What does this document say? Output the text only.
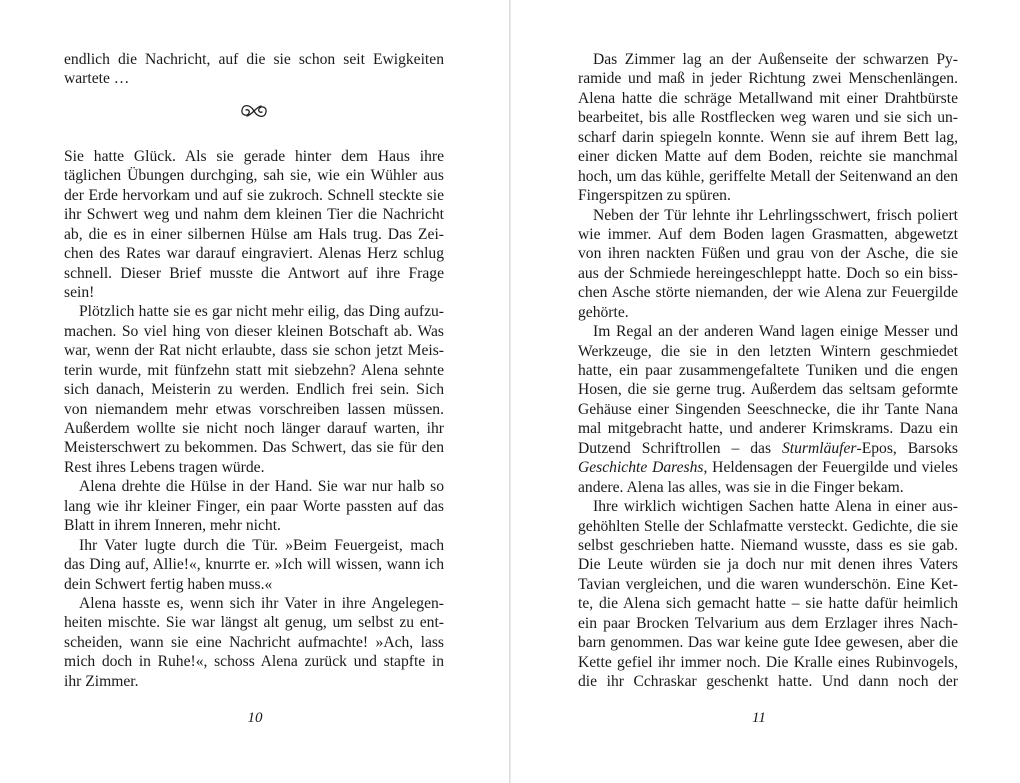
endlich die Nachricht, auf die sie schon seit Ewigkeiten
wartete …
Sie hatte Glück. Als sie gerade hinter dem Haus ihre
täglichen Übungen durchging, sah sie, wie ein Wühler aus
der Erde hervorkam und auf sie zukroch. Schnell steckte sie
ihr Schwert weg und nahm dem kleinen Tier die Nachricht
ab, die es in einer silbernen Hülse am Hals trug. Das Zei-
chen des Rates war darauf eingraviert. Alenas Herz schlug
schnell. Dieser Brief musste die Antwort auf ihre Frage
sein!
Plötzlich hatte sie es gar nicht mehr eilig, das Ding aufzu-
machen. So viel hing von dieser kleinen Botschaft ab. Was
war, wenn der Rat nicht erlaubte, dass sie schon jetzt Meis-
terin wurde, mit fünfzehn statt mit siebzehn? Alena sehnte
sich danach, Meisterin zu werden. Endlich frei sein. Sich
von niemandem mehr etwas vorschreiben lassen müssen.
Außerdem wollte sie nicht noch länger darauf warten, ihr
Meisterschwert zu bekommen. Das Schwert, das sie für den
Rest ihres Lebens tragen würde.
Alena drehte die Hülse in der Hand. Sie war nur halb so
lang wie ihr kleiner Finger, ein paar Worte passten auf das
Blatt in ihrem Inneren, mehr nicht.
Ihr Vater lugte durch die Tür. »Beim Feuergeist, mach
das Ding auf, Allie!«, knurrte er. »Ich will wissen, wann ich
dein Schwert fertig haben muss.«
Alena hasste es, wenn sich ihr Vater in ihre Angelegen-
heiten mischte. Sie war längst alt genug, um selbst zu ent-
scheiden, wann sie eine Nachricht aufmachte! »Ach, lass
mich doch in Ruhe!«, schoss Alena zurück und stapfte in
ihr Zimmer.
10
Das Zimmer lag an der Außenseite der schwarzen Py-
ramide und maß in jeder Richtung zwei Menschenlängen.
Alena hatte die schräge Metallwand mit einer Drahtbürste
bearbeitet, bis alle Rostflecken weg waren und sie sich un-
scharf darin spiegeln konnte. Wenn sie auf ihrem Bett lag,
einer dicken Matte auf dem Boden, reichte sie manchmal
hoch, um das kühle, geriffelte Metall der Seitenwand an den
Fingerspitzen zu spüren.
Neben der Tür lehnte ihr Lehrlingsschwert, frisch poliert
wie immer. Auf dem Boden lagen Grasmatten, abgewetzt
von ihren nackten Füßen und grau von der Asche, die sie
aus der Schmiede hereingeschleppt hatte. Doch so ein biss-
chen Asche störte niemanden, der wie Alena zur Feuergilde
gehörte.
Im Regal an der anderen Wand lagen einige Messer und
Werkzeuge, die sie in den letzten Wintern geschmiedet
hatte, ein paar zusammengefaltete Tuniken und die engen
Hosen, die sie gerne trug. Außerdem das seltsam geformte
Gehäuse einer Singenden Seeschnecke, die ihr Tante Nana
mal mitgebracht hatte, und anderer Krimskrams. Dazu ein
Dutzend Schriftrollen – das Sturmläufer-Epos, Barsoks
Geschichte Dareshs, Heldensagen der Feuergilde und vieles
andere. Alena las alles, was sie in die Finger bekam.
Ihre wirklich wichtigen Sachen hatte Alena in einer aus-
gehöhlten Stelle der Schlafmatte versteckt. Gedichte, die sie
selbst geschrieben hatte. Niemand wusste, dass es sie gab.
Die Leute würden sie ja doch nur mit denen ihres Vaters
Tavian vergleichen, und die waren wunderschön. Eine Ket-
te, die Alena sich gemacht hatte – sie hatte dafür heimlich
ein paar Brocken Telvarium aus dem Erzlager ihres Nach-
barn genommen. Das war keine gute Idee gewesen, aber die
Kette gefiel ihr immer noch. Die Kralle eines Rubinvogels,
die ihr Cchraskar geschenkt hatte. Und dann noch der
11
